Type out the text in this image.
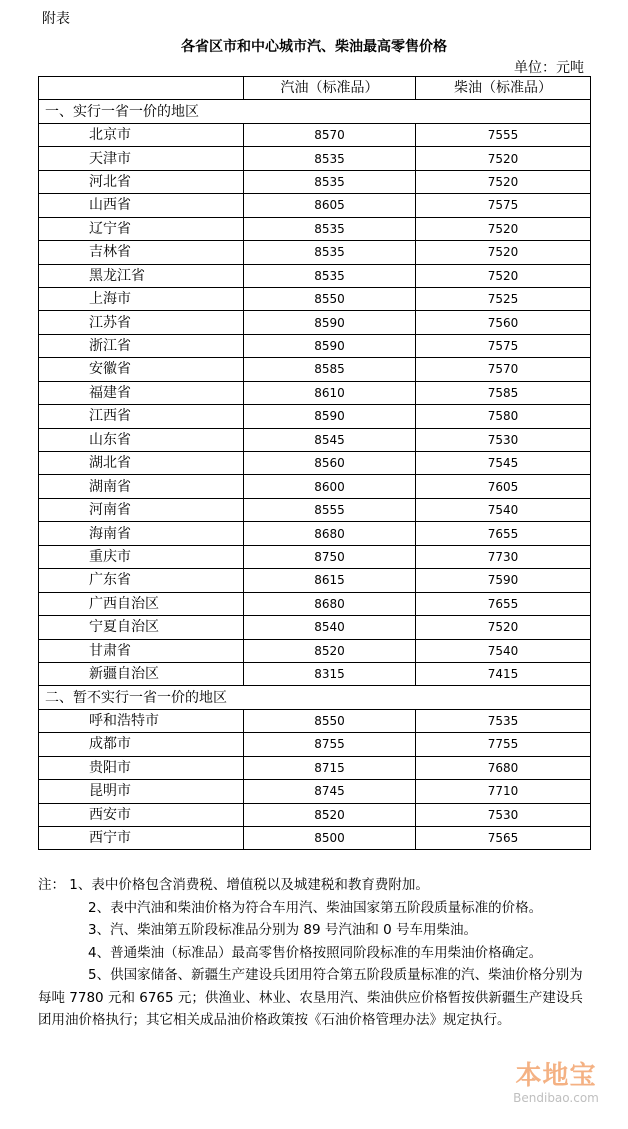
附表
各省区市和中心城市汽、柴油最高零售价格
单位：元吨
	汽油（标准品）	柴油（标准品）
一、实行一省一价的地区		
北京市	8570	7555
天津市	8535	7520
河北省	8535	7520
山西省	8605	7575
辽宁省	8535	7520
吉林省	8535	7520
黑龙江省	8535	7520
上海市	8550	7525
江苏省	8590	7560
浙江省	8590	7575
安徽省	8585	7570
福建省	8610	7585
江西省	8590	7580
山东省	8545	7530
湖北省	8560	7545
湖南省	8600	7605
河南省	8555	7540
海南省	8680	7655
重庆市	8750	7730
广东省	8615	7590
广西自治区	8680	7655
宁夏自治区	8540	7520
甘肃省	8520	7540
新疆自治区	8315	7415
二、暂不实行一省一价的地区		
呼和浩特市	8550	7535
成都市	8755	7755
贵阳市	8715	7680
昆明市	8745	7710
西安市	8520	7530
西宁市	8500	7565

注： 1、表中价格包含消费税、增值税以及城建税和教育费附加。

2、表中汽油和柴油价格为符合车用汽、柴油国家第五阶段质量标准的价格。

3、汽、柴油第五阶段标准品分别为 89 号汽油和 0 号车用柴油。

4、普通柴油（标准品）最高零售价格按照同阶段标准的车用柴油价格确定。

5、供国家储备、新疆生产建设兵团用符合第五阶段质量标准的汽、柴油价格分别为每吨 7780 元和 6765 元；供渔业、林业、农垦用汽、柴油供应价格暂按供新疆生产建设兵团用油价格执行；其它相关成品油价格政策按《石油价格管理办法》规定执行。

本地宝
Bendibao.com
